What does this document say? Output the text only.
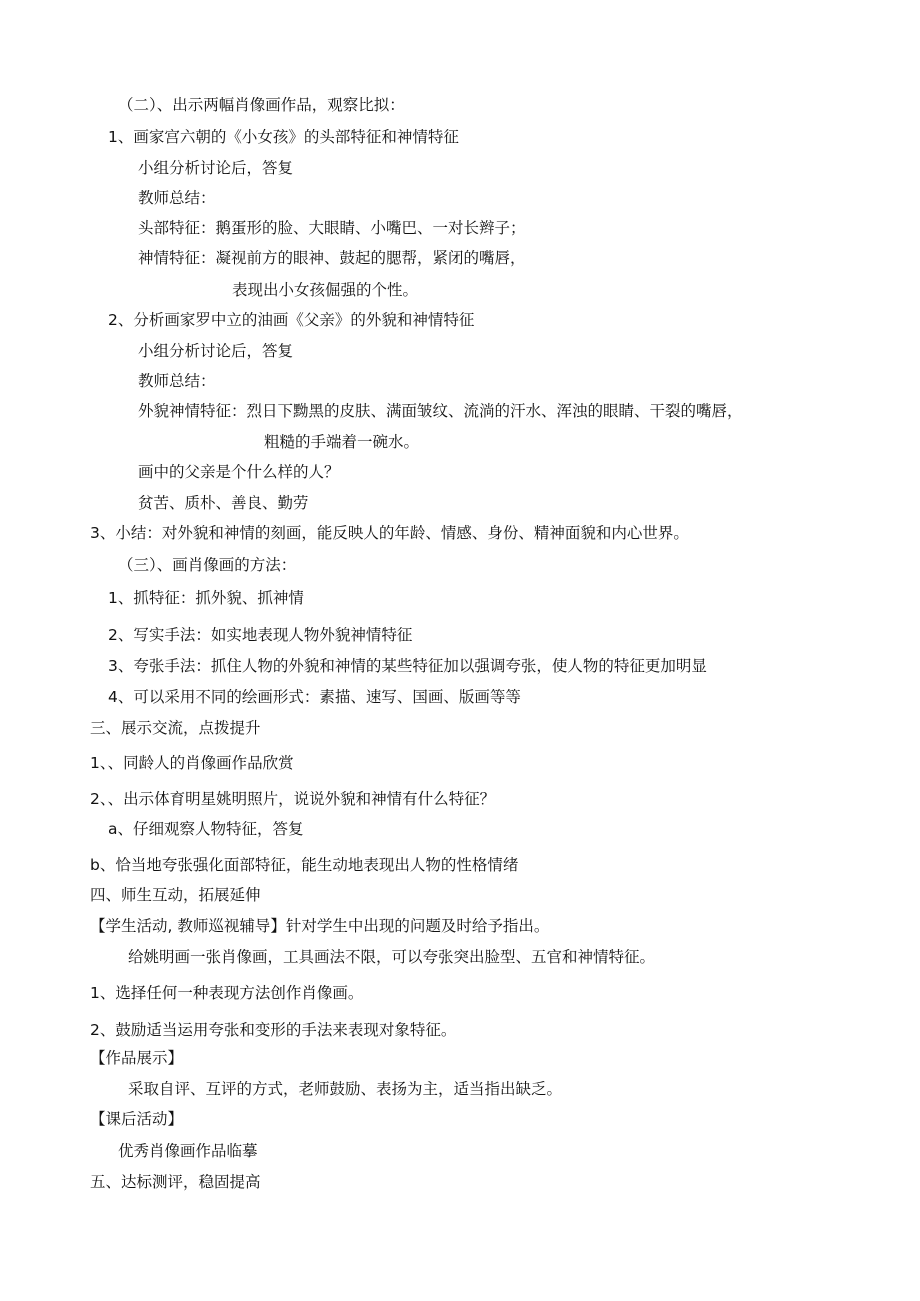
（二）、出示两幅肖像画作品，观察比拟：
1、画家宫六朝的《小女孩》的头部特征和神情特征
小组分析讨论后，答复
教师总结：
头部特征：鹅蛋形的脸、大眼睛、小嘴巴、一对长辫子；
神情特征：凝视前方的眼神、鼓起的腮帮，紧闭的嘴唇，
表现出小女孩倔强的个性。
2、分析画家罗中立的油画《父亲》的外貌和神情特征
小组分析讨论后，答复
教师总结：
外貌神情特征：烈日下黝黑的皮肤、满面皱纹、流淌的汗水、浑浊的眼睛、干裂的嘴唇，
粗糙的手端着一碗水。
画中的父亲是个什么样的人？
贫苦、质朴、善良、勤劳
3、小结：对外貌和神情的刻画，能反映人的年龄、情感、身份、精神面貌和内心世界。
（三）、画肖像画的方法：
1、抓特征：抓外貌、抓神情
2、写实手法：如实地表现人物外貌神情特征
3、夸张手法：抓住人物的外貌和神情的某些特征加以强调夸张，使人物的特征更加明显
4、可以采用不同的绘画形式：素描、速写、国画、版画等等
三、展示交流，点拨提升
1、、同龄人的肖像画作品欣赏
2、、出示体育明星姚明照片，说说外貌和神情有什么特征？
a、仔细观察人物特征，答复
b、恰当地夸张强化面部特征，能生动地表现出人物的性格情绪
四、师生互动，拓展延伸
【学生活动, 教师巡视辅导】针对学生中出现的问题及时给予指出。
给姚明画一张肖像画，工具画法不限，可以夸张突出脸型、五官和神情特征。
1、选择任何一种表现方法创作肖像画。
2、鼓励适当运用夸张和变形的手法来表现对象特征。
【作品展示】
采取自评、互评的方式，老师鼓励、表扬为主，适当指出缺乏。
【课后活动】
优秀肖像画作品临摹
五、达标测评，稳固提高
